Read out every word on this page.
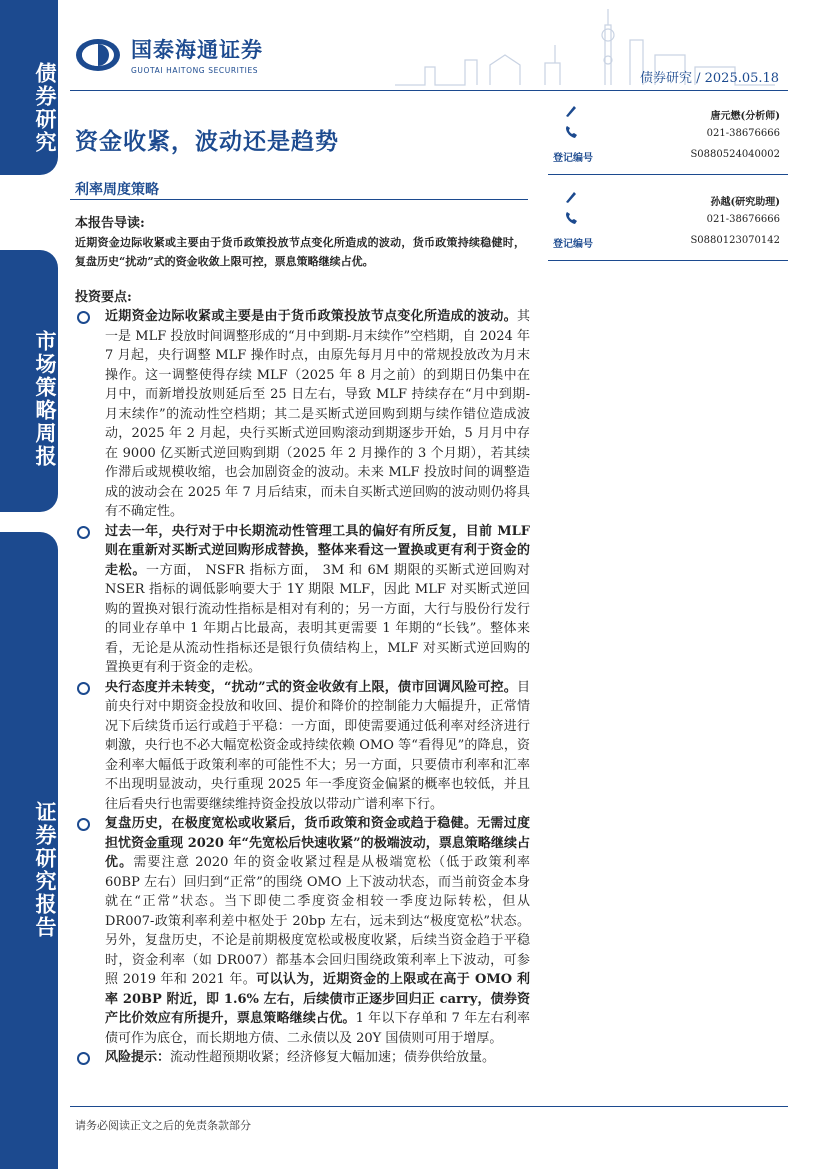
债券研究
市场策略周报
证券研究报告
国泰海通证券
GUOTAI HAITONG SECURITIES
债券研究 / 2025.05.18
资金收紧，波动还是趋势
利率周度策略
本报告导读:
近期资金边际收紧或主要由于货币政策投放节点变化所造成的波动，货币政策持续稳健时，复盘历史“扰动”式的资金收敛上限可控，票息策略继续占优。
投资要点:
近期资金边际收紧或主要是由于货币政策投放节点变化所造成的波动。其一是 MLF 投放时间调整形成的“月中到期-月末续作”空档期，自 2024 年 7 月起，央行调整 MLF 操作时点，由原先每月月中的常规投放改为月末操作。这一调整使得存续 MLF（2025 年 8 月之前）的到期日仍集中在月中，而新增投放则延后至 25 日左右，导致 MLF 持续存在“月中到期-月末续作”的流动性空档期；其二是买断式逆回购到期与续作错位造成波动，2025 年 2 月起，央行买断式逆回购滚动到期逐步开始，5 月月中存在 9000 亿买断式逆回购到期（2025 年 2 月操作的 3 个月期），若其续作滞后或规模收缩，也会加剧资金的波动。未来 MLF 投放时间的调整造成的波动会在 2025 年 7 月后结束，而未自买断式逆回购的波动则仍将具有不确定性。
过去一年，央行对于中长期流动性管理工具的偏好有所反复，目前 MLF 则在重新对买断式逆回购形成替换，整体来看这一置换或更有利于资金的走松。一方面， NSFR 指标方面， 3M 和 6M 期限的买断式逆回购对 NSER 指标的调低影响要大于 1Y 期限 MLF，因此 MLF 对买断式逆回购的置换对银行流动性指标是相对有利的；另一方面，大行与股份行发行的同业存单中 1 年期占比最高，表明其更需要 1 年期的“长钱”。整体来看，无论是从流动性指标还是银行负债结构上，MLF 对买断式逆回购的置换更有利于资金的走松。
央行态度并未转变，“扰动”式的资金收敛有上限，债市回调风险可控。目前央行对中期资金投放和收回、提价和降价的控制能力大幅提升，正常情况下后续货币运行或趋于平稳：一方面，即使需要通过低利率对经济进行刺激，央行也不必大幅宽松资金或持续依赖 OMO 等“看得见”的降息，资金利率大幅低于政策利率的可能性不大；另一方面，只要债市利率和汇率不出现明显波动，央行重现 2025 年一季度资金偏紧的概率也较低，并且往后看央行也需要继续维持资金投放以带动广谱利率下行。
复盘历史，在极度宽松或收紧后，货币政策和资金或趋于稳健。无需过度担忧资金重现 2020 年“先宽松后快速收紧”的极端波动，票息策略继续占优。需要注意 2020 年的资金收紧过程是从极端宽松（低于政策利率 60BP 左右）回归到“正常”的围绕 OMO 上下波动状态，而当前资金本身就在“正常”状态。当下即使二季度资金相较一季度边际转松，但从 DR007-政策利率利差中枢处于 20bp 左右，远未到达“极度宽松”状态。另外，复盘历史，不论是前期极度宽松或极度收紧，后续当资金趋于平稳时，资金利率（如 DR007）都基本会回归围绕政策利率上下波动，可参照 2019 年和 2021 年。可以认为，近期资金的上限或在高于 OMO 利率 20BP 附近，即 1.6% 左右，后续债市正逐步回归正 carry，债券资产比价效应有所提升，票息策略继续占优。1 年以下存单和 7 年左右利率债可作为底仓，而长期地方债、二永债以及 20Y 国债则可用于增厚。
风险提示：流动性超预期收紧；经济修复大幅加速；债券供给放量。
唐元懋(分析师)
021-38676666
登记编号	S0880524040002
孙越(研究助理)
021-38676666
登记编号	S0880123070142
请务必阅读正文之后的免责条款部分
